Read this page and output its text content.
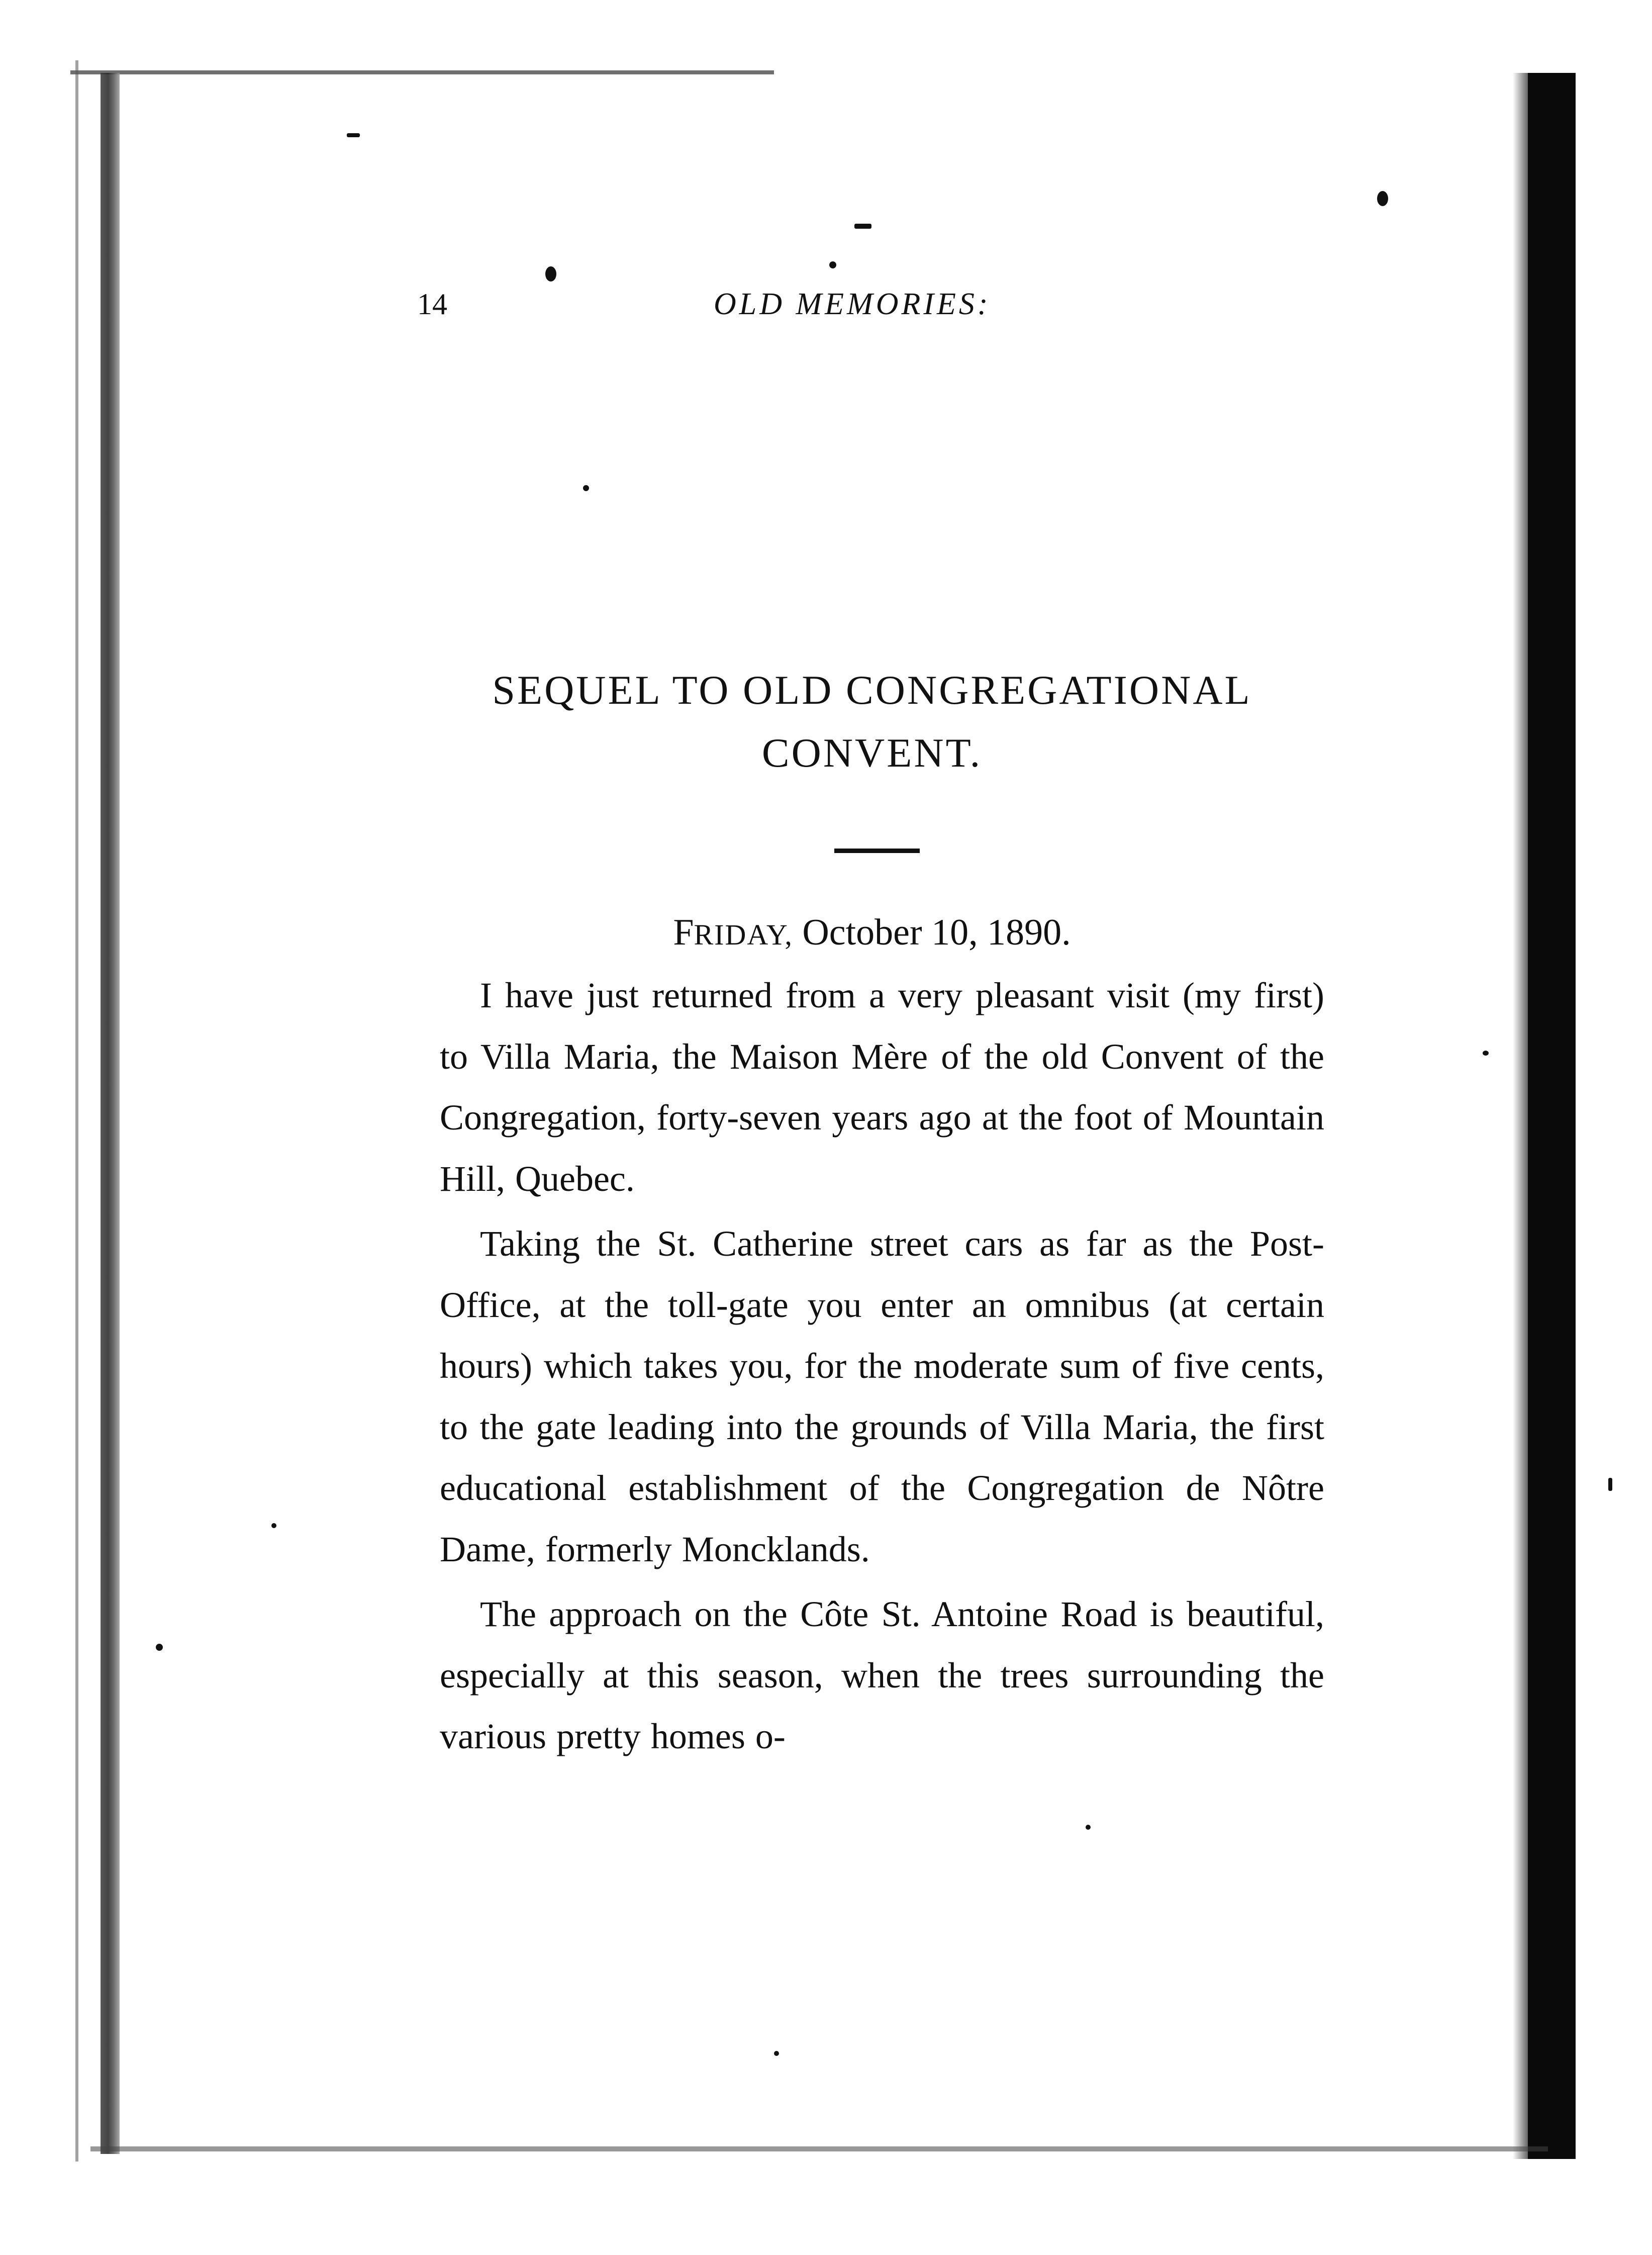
14	OLD MEMORIES:
SEQUEL TO OLD CONGREGATIONAL
CONVENT.

FRIDAY, October 10, 1890.

I have just returned from a very pleasant visit (my first) to Villa Maria, the Maison Mère of the old Convent of the Congregation, forty-seven years ago at the foot of Mountain Hill, Quebec.

Taking the St. Catherine street cars as far as the Post-Office, at the toll-gate you enter an omnibus (at certain hours) which takes you, for the moderate sum of five cents, to the gate leading into the grounds of Villa Maria, the first educational establishment of the Congregation de Nôtre Dame, formerly Moncklands.

The approach on the Côte St. Antoine Road is beautiful, especially at this season, when the trees surrounding the various pretty homes o-
